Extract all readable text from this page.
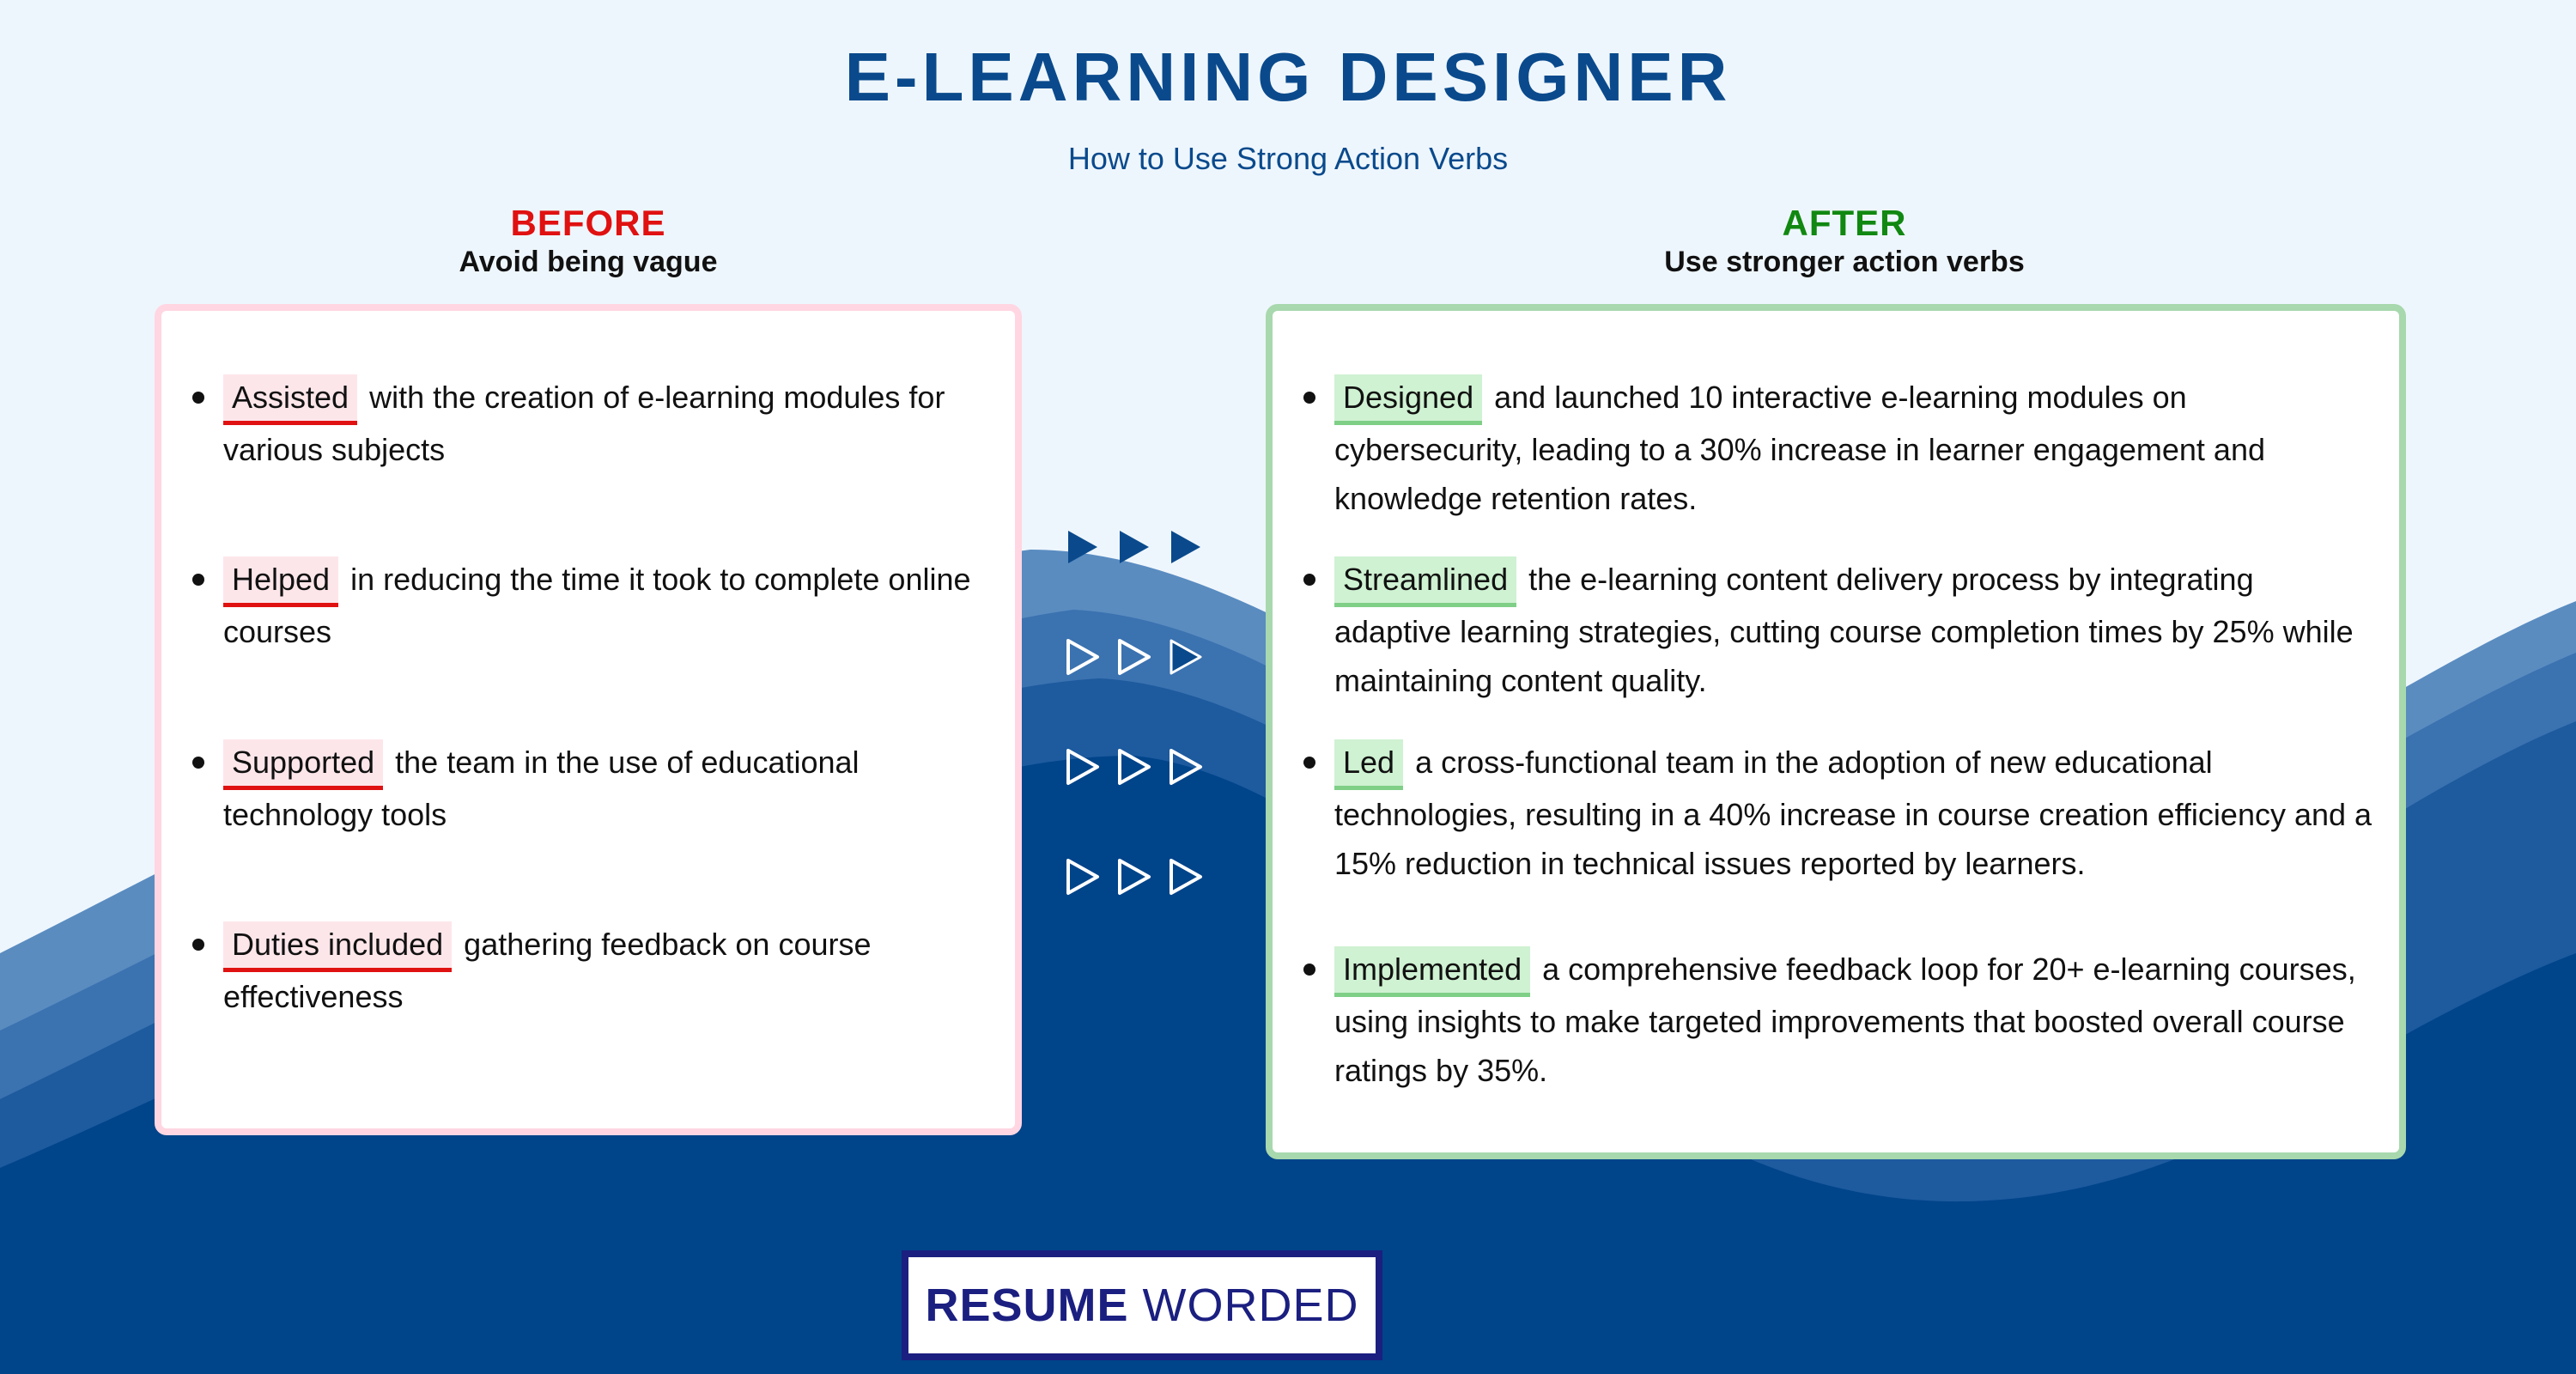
E-LEARNING DESIGNER
How to Use Strong Action Verbs
BEFORE
Avoid being vague
AFTER
Use stronger action verbs
Assisted with the creation of e-learning modules for various subjects
Helped in reducing the time it took to complete online courses
Supported the team in the use of educational technology tools
Duties included gathering feedback on course effectiveness
Designed and launched 10 interactive e-learning modules on cybersecurity, leading to a 30% increase in learner engagement and knowledge retention rates.
Streamlined the e-learning content delivery process by integrating adaptive learning strategies, cutting course completion times by 25% while maintaining content quality.
Led a cross-functional team in the adoption of new educational technologies, resulting in a 40% increase in course creation efficiency and a 15% reduction in technical issues reported by learners.
Implemented a comprehensive feedback loop for 20+ e-learning courses, using insights to make targeted improvements that boosted overall course ratings by 35%.
RESUME WORDED
